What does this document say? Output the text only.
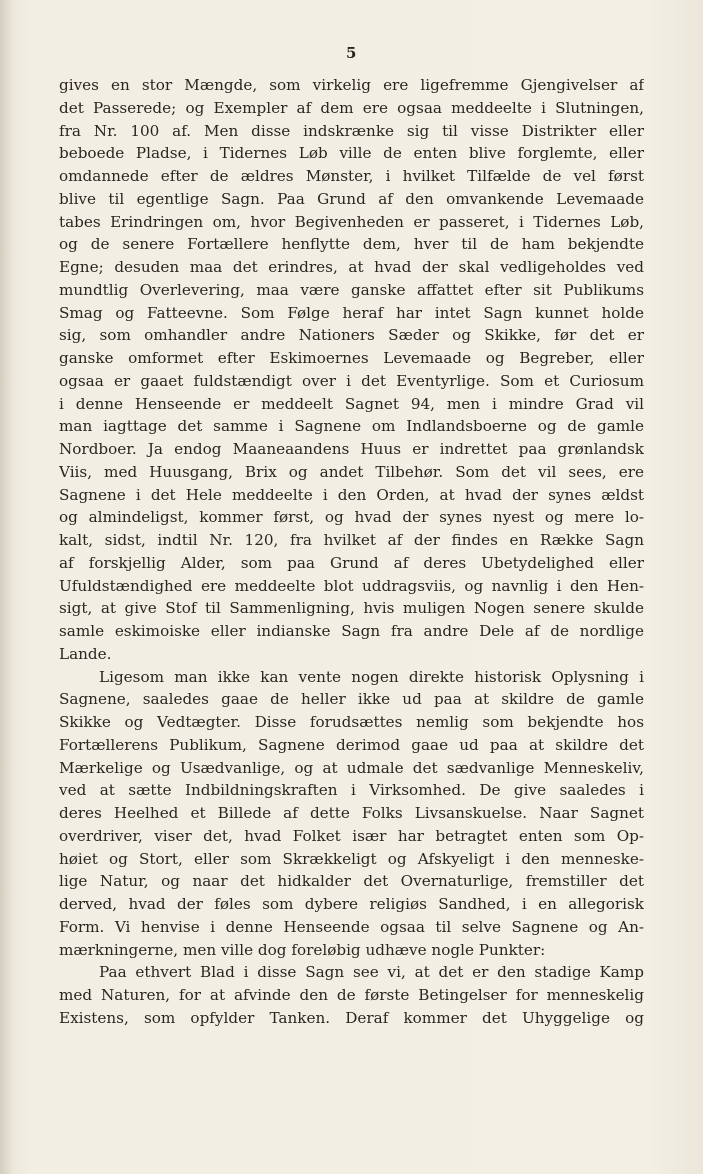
5
gives en stor Mængde, som virkelig ere ligefremme Gjengivelser af
det Passerede; og Exempler af dem ere ogsaa meddeelte i Slutningen,
fra Nr. 100 af. Men disse indskrænke sig til visse Distrikter eller
beboede Pladse, i Tidernes Løb ville de enten blive forglemte, eller
omdannede efter de ældres Mønster, i hvilket Tilfælde de vel først
blive til egentlige Sagn. Paa Grund af den omvankende Levemaade
tabes Erindringen om, hvor Begivenheden er passeret, i Tidernes Løb,
og de senere Fortællere henflytte dem, hver til de ham bekjendte
Egne; desuden maa det erindres, at hvad der skal vedligeholdes ved
mundtlig Overlevering, maa være ganske affattet efter sit Publikums
Smag og Fatteevne. Som Følge heraf har intet Sagn kunnet holde
sig, som omhandler andre Nationers Sæder og Skikke, før det er
ganske omformet efter Eskimoernes Levemaade og Begreber, eller
ogsaa er gaaet fuldstændigt over i det Eventyrlige. Som et Curiosum
i denne Henseende er meddeelt Sagnet 94, men i mindre Grad vil
man iagttage det samme i Sagnene om Indlandsboerne og de gamle
Nordboer. Ja endog Maaneaandens Huus er indrettet paa grønlandsk
Viis, med Huusgang, Brix og andet Tilbehør. Som det vil sees, ere
Sagnene i det Hele meddeelte i den Orden, at hvad der synes ældst
og almindeligst, kommer først, og hvad der synes nyest og mere lo-
kalt, sidst, indtil Nr. 120, fra hvilket af der findes en Række Sagn
af forskjellig Alder, som paa Grund af deres Ubetydelighed eller
Ufuldstændighed ere meddeelte blot uddragsviis, og navnlig i den Hen-
sigt, at give Stof til Sammenligning, hvis muligen Nogen senere skulde
samle eskimoiske eller indianske Sagn fra andre Dele af de nordlige
Lande.
Ligesom man ikke kan vente nogen direkte historisk Oplysning i
Sagnene, saaledes gaae de heller ikke ud paa at skildre de gamle
Skikke og Vedtægter. Disse forudsættes nemlig som bekjendte hos
Fortællerens Publikum, Sagnene derimod gaae ud paa at skildre det
Mærkelige og Usædvanlige, og at udmale det sædvanlige Menneskeliv,
ved at sætte Indbildningskraften i Virksomhed. De give saaledes i
deres Heelhed et Billede af dette Folks Livsanskuelse. Naar Sagnet
overdriver, viser det, hvad Folket især har betragtet enten som Op-
høiet og Stort, eller som Skrækkeligt og Afskyeligt i den menneske-
lige Natur, og naar det hidkalder det Overnaturlige, fremstiller det
derved, hvad der føles som dybere religiøs Sandhed, i en allegorisk
Form. Vi henvise i denne Henseende ogsaa til selve Sagnene og An-
mærkningerne, men ville dog foreløbig udhæve nogle Punkter:
Paa ethvert Blad i disse Sagn see vi, at det er den stadige Kamp
med Naturen, for at afvinde den de første Betingelser for menneskelig
Existens, som opfylder Tanken. Deraf kommer det Uhyggelige og
